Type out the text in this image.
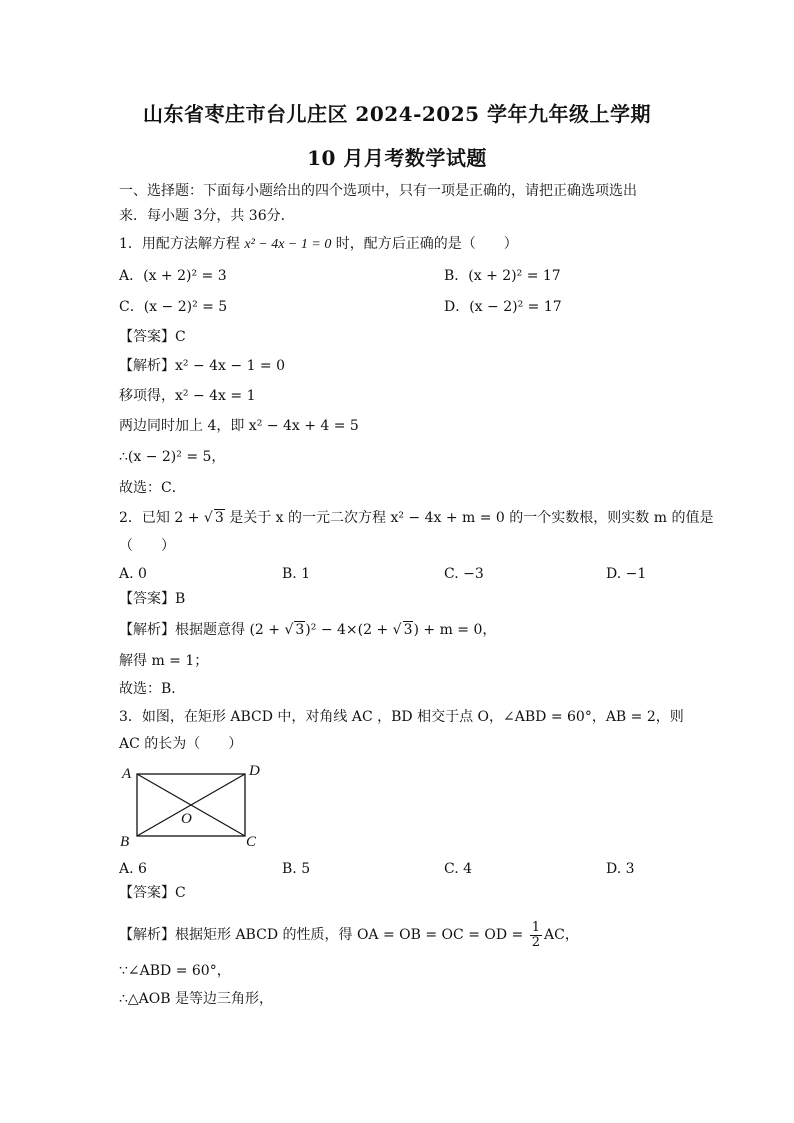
山东省枣庄市台儿庄区 2024-2025 学年九年级上学期
10 月月考数学试题
一、选择题：下面每小题给出的四个选项中，只有一项是正确的，请把正确选项选出
来．每小题 3分，共 36分．
1．用配方法解方程 x² − 4x − 1 = 0 时，配方后正确的是（　　）
A．(x + 2)² = 3	B．(x + 2)² = 17
C．(x − 2)² = 5	D．(x − 2)² = 17
【答案】C
【解析】x² − 4x − 1 = 0
移项得，x² − 4x = 1
两边同时加上 4，即 x² − 4x + 4 = 5
∴(x − 2)² = 5，
故选：C．
2．已知 2 + √ 3 是关于 x 的一元二次方程 x² − 4x + m = 0 的一个实数根，则实数 m 的值是
（　　）
A. 0	B. 1	C. −3	D. −1
【答案】B
【解析】根据题意得 (2 + √ 3)² − 4×(2 + √ 3) + m = 0，
解得 m = 1；
故选：B．
3．如图，在矩形 ABCD 中，对角线 AC ，BD 相交于点 O，∠ABD = 60°，AB = 2，则
AC 的长为（　　）
A	D
B	C
O
A. 6	B. 5	C. 4	D. 3
【答案】C
【解析】根据矩形 ABCD 的性质，得 OA = OB = OC = OD = $\frac{1}{2}$ AC，
∵∠ABD = 60°，
∴△AOB 是等边三角形，
